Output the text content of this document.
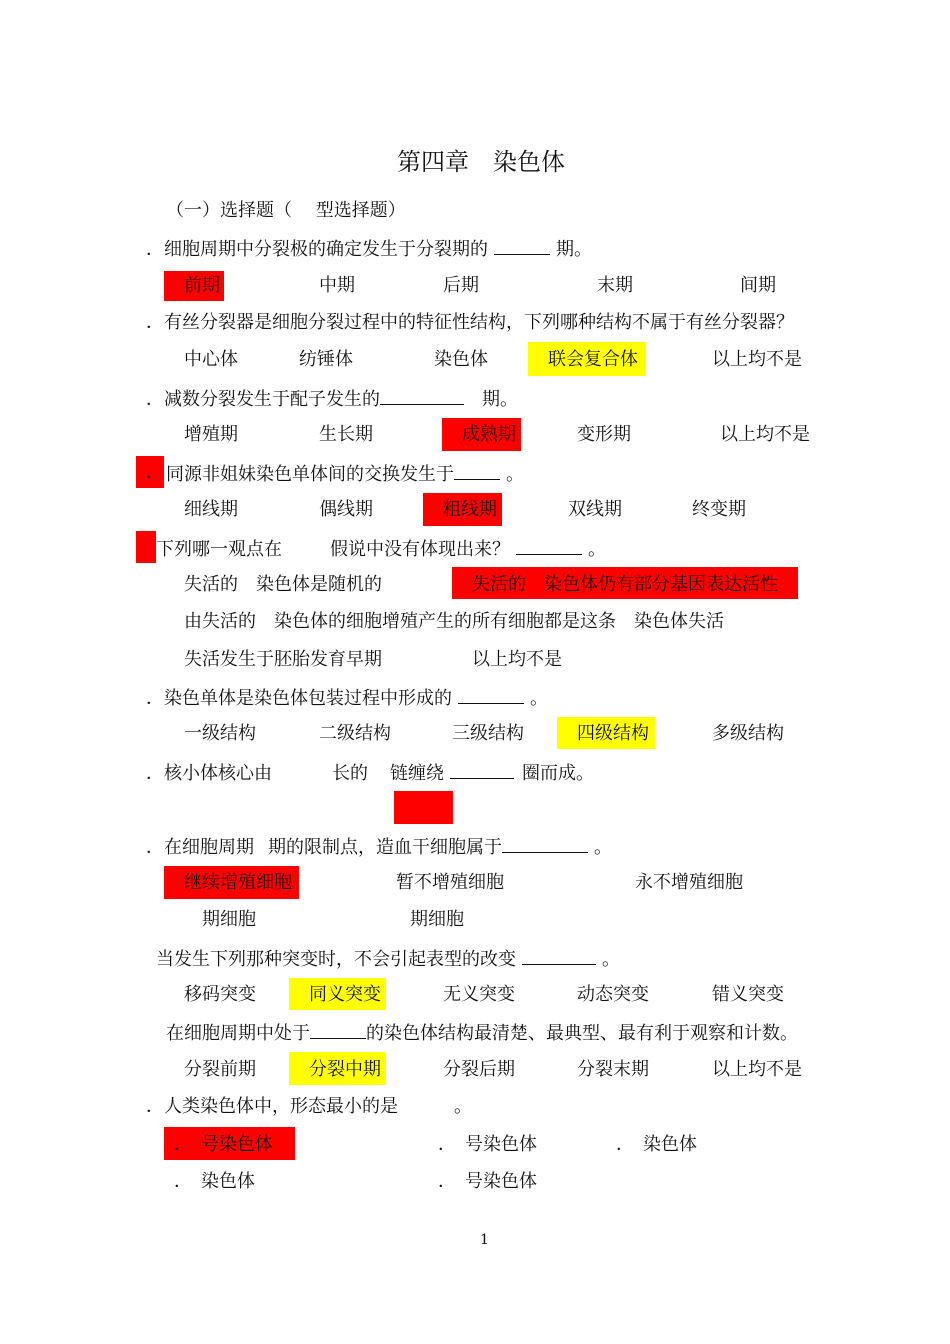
第四章　染色体
（一）选择题（　 型选择题）
．细胞周期中分裂极的确定发生于分裂期的	期。
前期	中期	后期	末期	间期
．有丝分裂器是细胞分裂过程中的特征性结构，下列哪种结构不属于有丝分裂器？
中心体	纺锤体	染色体	联会复合体	以上均不是
．减数分裂发生于配子发生的	期。
增殖期	生长期	成熟期	变形期	以上均不是
． 同源非姐妹染色单体间的交换发生于	。
细线期	偶线期	粗线期	双线期	终变期
下列哪一观点在	假说中没有体现出来？	。
失活的　染色体是随机的	失活的　染色体仍有部分基因表达活性
由失活的　染色体的细胞增殖产生的所有细胞都是这条　染色体失活
失活发生于胚胎发育早期	以上均不是
．染色单体是染色体包装过程中形成的	。
一级结构	二级结构	三级结构	四级结构	多级结构
．核小体核心由	长的 链缠绕	圈而成。
．在细胞周期 期的限制点，造血干细胞属于	。
继续增殖细胞	暂不增殖细胞	永不增殖细胞
期细胞	期细胞
当发生下列那种突变时，不会引起表型的改变	。
移码突变	同义突变	无义突变	动态突变	错义突变
在细胞周期中处于	的染色体结构最清楚、最典型、最有利于观察和计数。
分裂前期	分裂中期	分裂后期	分裂末期	以上均不是
．人类染色体中，形态最小的是	。
．　号染色体	．　号染色体	．　染色体
．　染色体	．　号染色体
1
